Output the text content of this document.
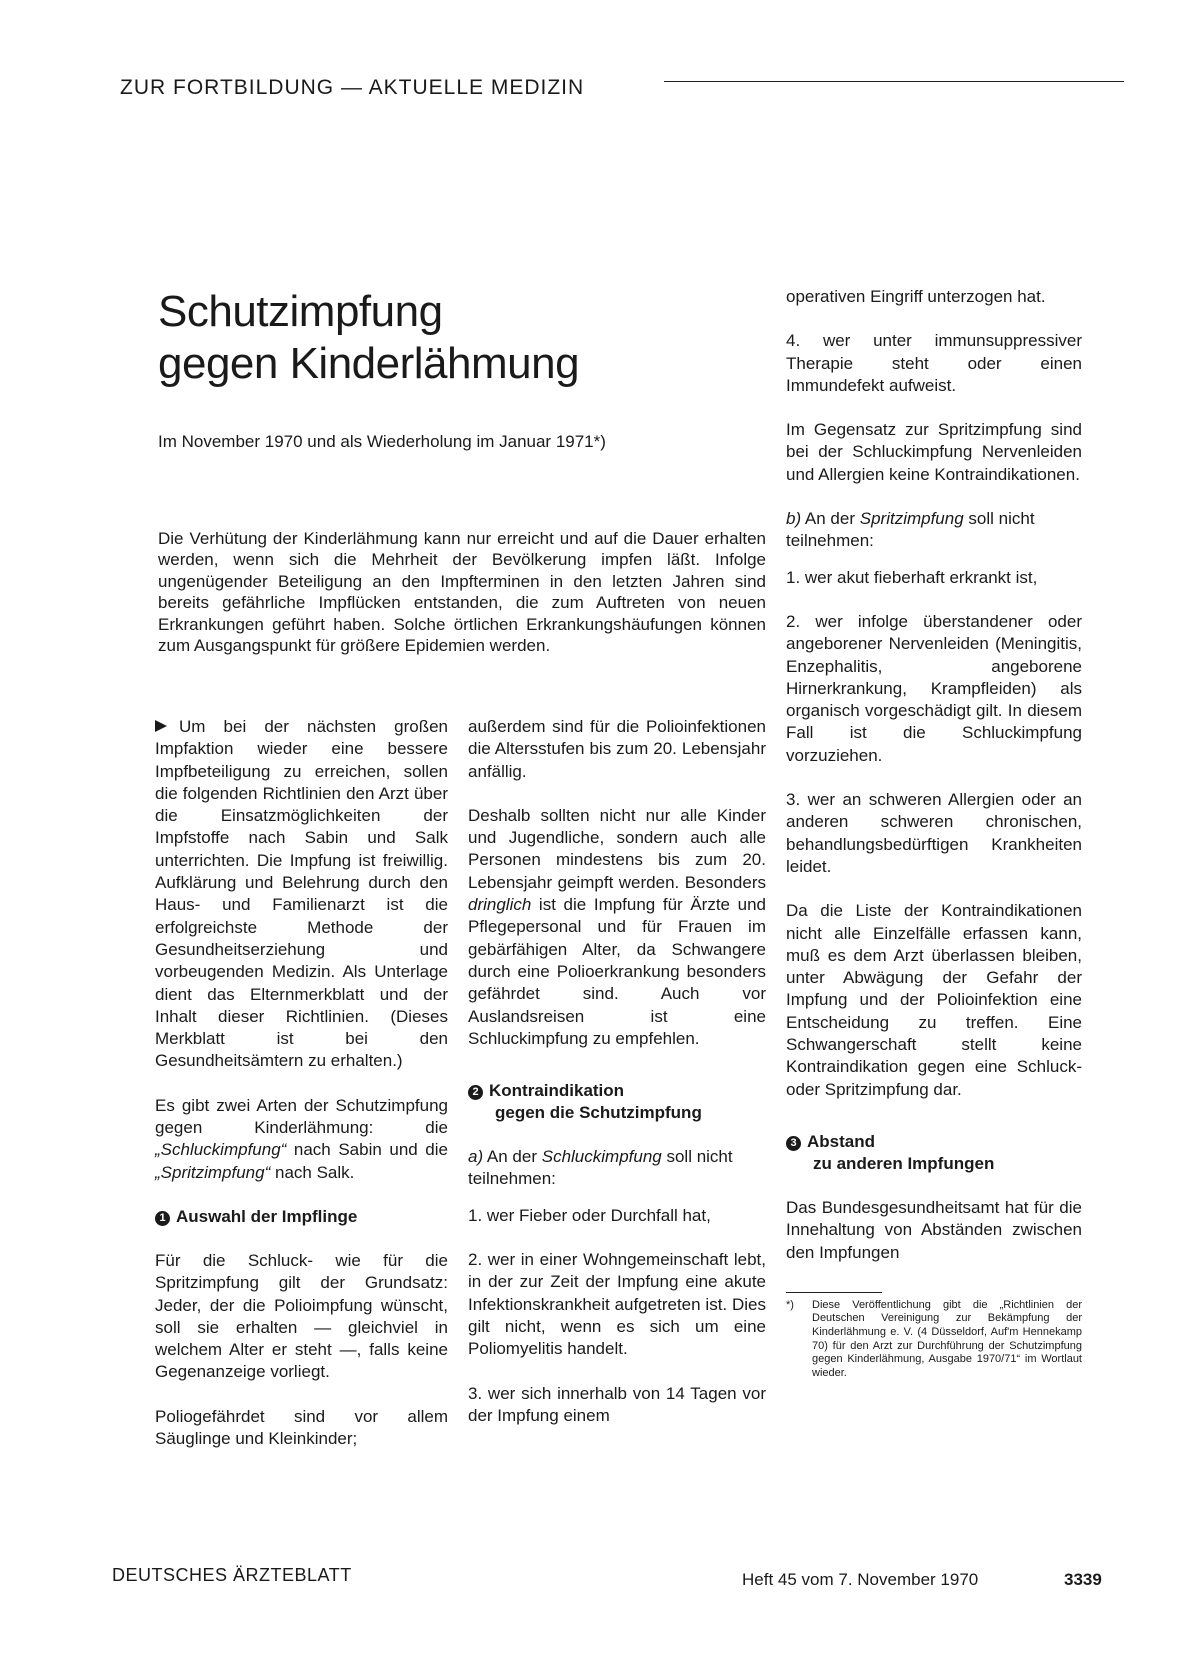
ZUR FORTBILDUNG — AKTUELLE MEDIZIN
Schutzimpfung
gegen Kinderlähmung
Im November 1970 und als Wiederholung im Januar 1971*)
Die Verhütung der Kinderlähmung kann nur erreicht und auf die Dauer erhalten werden, wenn sich die Mehrheit der Bevölkerung impfen läßt. Infolge ungenügender Beteiligung an den Impfterminen in den letzten Jahren sind bereits gefährliche Impflücken entstanden, die zum Auftreten von neuen Erkrankungen geführt haben. Solche örtlichen Erkrankungshäufungen können zum Ausgangspunkt für größere Epidemien werden.

Um bei der nächsten großen Impfaktion wieder eine bessere Impfbeteiligung zu erreichen, sollen die folgenden Richtlinien den Arzt über die Einsatzmöglichkeiten der Impfstoffe nach Sabin und Salk unterrichten. Die Impfung ist freiwillig. Aufklärung und Belehrung durch den Haus- und Familienarzt ist die erfolgreichste Methode der Gesundheitserziehung und vorbeugenden Medizin. Als Unterlage dient das Elternmerkblatt und der Inhalt dieser Richtlinien. (Dieses Merkblatt ist bei den Gesundheitsämtern zu erhalten.)

Es gibt zwei Arten der Schutzimpfung gegen Kinderlähmung: die „Schluckimpfung“ nach Sabin und die „Spritzimpfung“ nach Salk.

1 Auswahl der Impflinge

Für die Schluck- wie für die Spritzimpfung gilt der Grundsatz: Jeder, der die Polioimpfung wünscht, soll sie erhalten — gleichviel in welchem Alter er steht —, falls keine Gegenanzeige vorliegt.

Poliogefährdet sind vor allem Säuglinge und Kleinkinder;

außerdem sind für die Polioinfektionen die Altersstufen bis zum 20. Lebensjahr anfällig.

Deshalb sollten nicht nur alle Kinder und Jugendliche, sondern auch alle Personen mindestens bis zum 20. Lebensjahr geimpft werden. Besonders dringlich ist die Impfung für Ärzte und Pflegepersonal und für Frauen im gebärfähigen Alter, da Schwangere durch eine Polioerkrankung besonders gefährdet sind. Auch vor Auslandsreisen ist eine Schluckimpfung zu empfehlen.

2 Kontraindikation
gegen die Schutzimpfung

a) An der Schluckimpfung soll nicht teilnehmen:

1. wer Fieber oder Durchfall hat,

2. wer in einer Wohngemeinschaft lebt, in der zur Zeit der Impfung eine akute Infektionskrankheit aufgetreten ist. Dies gilt nicht, wenn es sich um eine Poliomyelitis handelt.

3. wer sich innerhalb von 14 Tagen vor der Impfung einem

operativen Eingriff unterzogen hat.

4. wer unter immunsuppressiver Therapie steht oder einen Immundefekt aufweist.

Im Gegensatz zur Spritzimpfung sind bei der Schluckimpfung Nervenleiden und Allergien keine Kontraindikationen.

b) An der Spritzimpfung soll nicht teilnehmen:

1. wer akut fieberhaft erkrankt ist,

2. wer infolge überstandener oder angeborener Nervenleiden (Meningitis, Enzephalitis, angeborene Hirnerkrankung, Krampfleiden) als organisch vorgeschädigt gilt. In diesem Fall ist die Schluckimpfung vorzuziehen.

3. wer an schweren Allergien oder an anderen schweren chronischen, behandlungsbedürftigen Krankheiten leidet.

Da die Liste der Kontraindikationen nicht alle Einzelfälle erfassen kann, muß es dem Arzt überlassen bleiben, unter Abwägung der Gefahr der Impfung und der Polioinfektion eine Entscheidung zu treffen. Eine Schwangerschaft stellt keine Kontraindikation gegen eine Schluck- oder Spritzimpfung dar.

3 Abstand
zu anderen Impfungen

Das Bundesgesundheitsamt hat für die Innehaltung von Abständen zwischen den Impfungen

*)	Diese Veröffentlichung gibt die „Richtlinien der Deutschen Vereinigung zur Bekämpfung der Kinderlähmung e. V. (4 Düsseldorf, Auf'm Hennekamp 70) für den Arzt zur Durchführung der Schutzimpfung gegen Kinderlähmung, Ausgabe 1970/71“ im Wortlaut wieder.
DEUTSCHES ÄRZTEBLATT	Heft 45 vom 7. November 1970	3339
